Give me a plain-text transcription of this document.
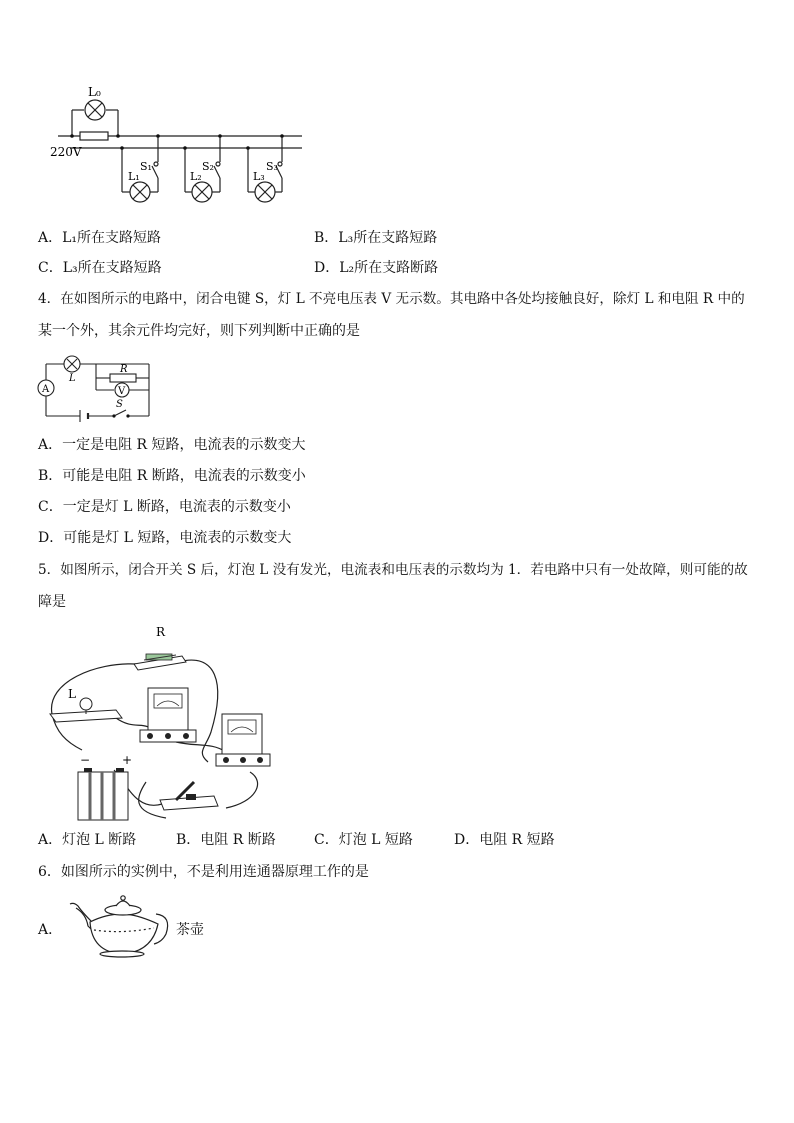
L₀
220V
S₁	S₂	S₃
L₁	L₂	L₃
A．L₁所在支路短路	B．L₃所在支路短路
C．L₃所在支路短路	D．L₂所在支路断路
4．在如图所示的电路中，闭合电键 S，灯 L 不亮电压表 V 无示数。其电路中各处均接触良好，除灯 L 和电阻 R 中的
某一个外，其余元件均完好，则下列判断中正确的是
A
L
R
V
S
A．一定是电阻 R 短路，电流表的示数变大
B．可能是电阻 R 断路，电流表的示数变小
C．一定是灯 L 断路，电流表的示数变小
D．可能是灯 L 短路，电流表的示数变大
5．如图所示，闭合开关 S 后，灯泡 L 没有发光，电流表和电压表的示数均为 1．若电路中只有一处故障，则可能的故
障是
R
L
−	+
A．灯泡 L 断路	B．电阻 R 断路	C．灯泡 L 短路	D．电阻 R 短路
6．如图所示的实例中，不是利用连通器原理工作的是
A．	茶壶
